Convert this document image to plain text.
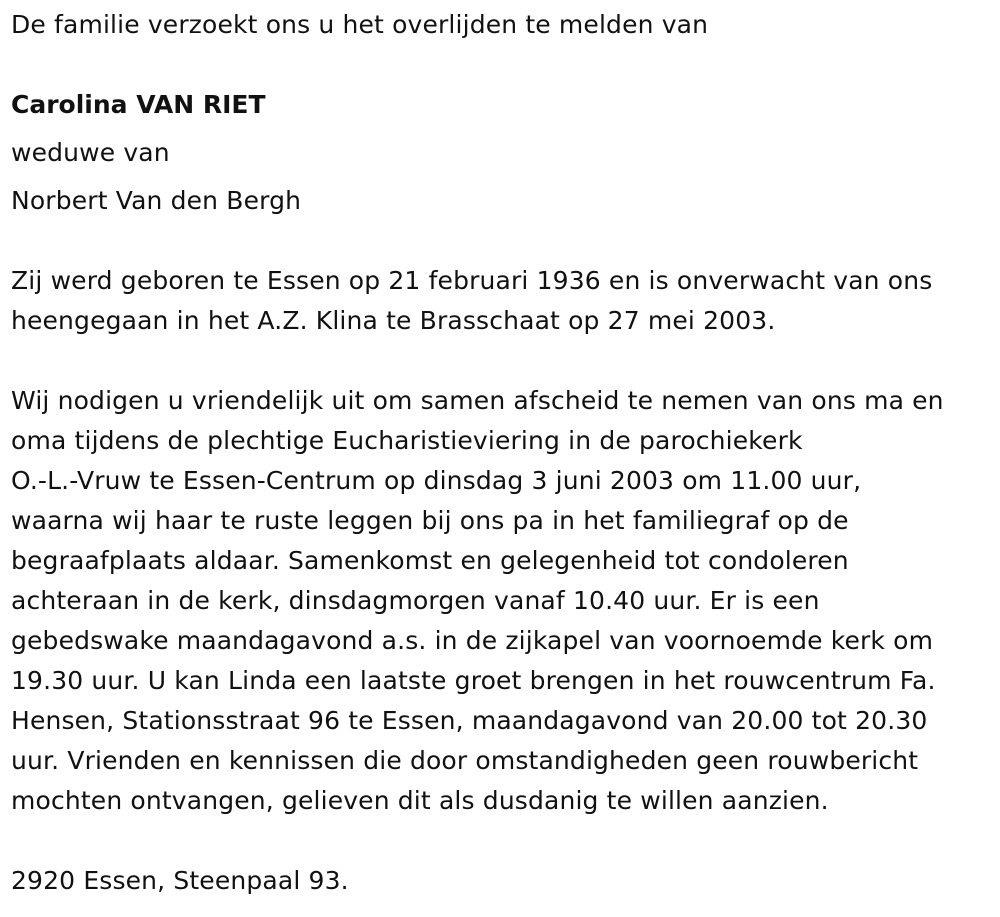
De familie verzoekt ons u het overlijden te melden van
Carolina VAN RIET
weduwe van
Norbert Van den Bergh
Zij werd geboren te Essen op 21 februari 1936 en is onverwacht van ons
heengegaan in het A.Z. Klina te Brasschaat op 27 mei 2003.
Wij nodigen u vriendelijk uit om samen afscheid te nemen van ons ma en
oma tijdens de plechtige Eucharistieviering in de parochiekerk
O.-L.-Vruw te Essen-Centrum op dinsdag 3 juni 2003 om 11.00 uur,
waarna wij haar te ruste leggen bij ons pa in het familiegraf op de
begraafplaats aldaar. Samenkomst en gelegenheid tot condoleren
achteraan in de kerk, dinsdagmorgen vanaf 10.40 uur. Er is een
gebedswake maandagavond a.s. in de zijkapel van voornoemde kerk om
19.30 uur. U kan Linda een laatste groet brengen in het rouwcentrum Fa.
Hensen, Stationsstraat 96 te Essen, maandagavond van 20.00 tot 20.30
uur. Vrienden en kennissen die door omstandigheden geen rouwbericht
mochten ontvangen, gelieven dit als dusdanig te willen aanzien.
2920 Essen, Steenpaal 93.
